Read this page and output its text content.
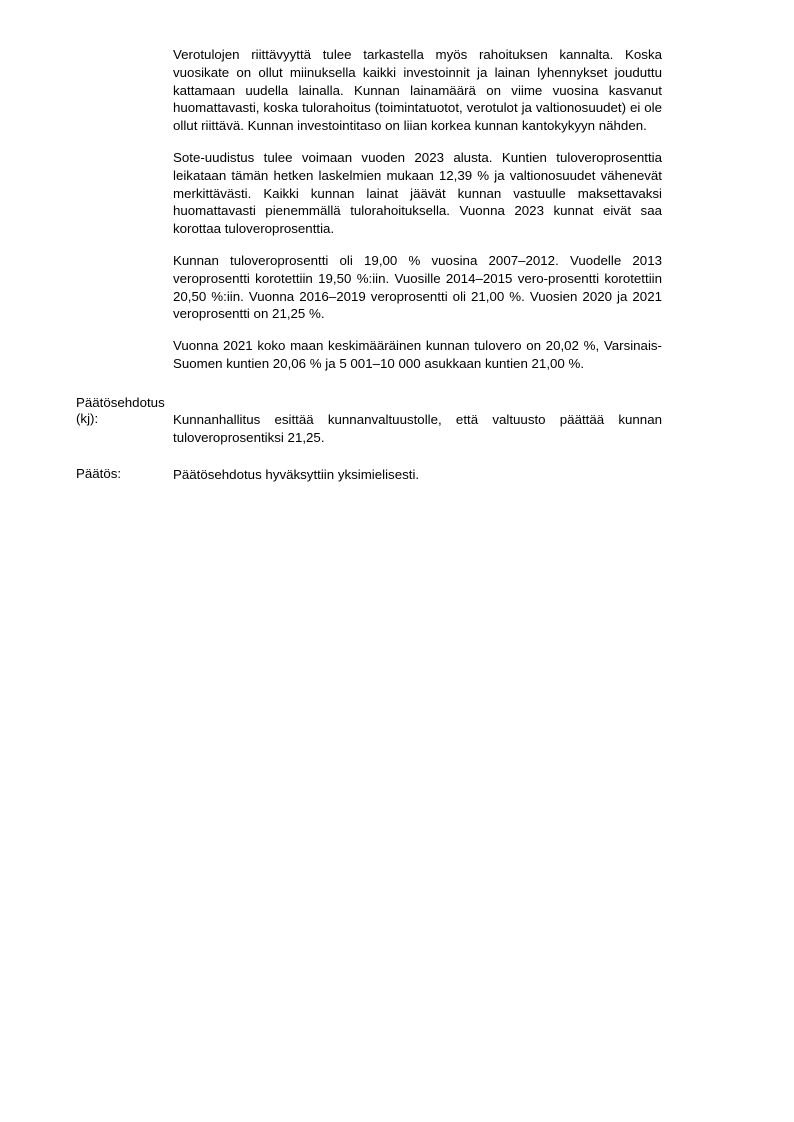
Verotulojen riittävyyttä tulee tarkastella myös rahoituksen kannalta. Koska vuosikate on ollut miinuksella kaikki investoinnit ja lainan lyhennykset jouduttu kattamaan uudella lainalla. Kunnan lainamäärä on viime vuosina kasvanut huomattavasti, koska tulorahoitus (toimintatuotot, verotulot ja valtionosuudet) ei ole ollut riittävä. Kunnan investointitaso on liian korkea kunnan kantokykyyn nähden.

Sote-uudistus tulee voimaan vuoden 2023 alusta. Kuntien tuloveroprosenttia leikataan tämän hetken laskelmien mukaan 12,39 % ja valtionosuudet vähenevät merkittävästi. Kaikki kunnan lainat jäävät kunnan vastuulle maksettavaksi huomattavasti pienemmällä tulorahoituksella. Vuonna 2023 kunnat eivät saa korottaa tuloveroprosenttia.

Kunnan tuloveroprosentti oli 19,00 % vuosina 2007–2012. Vuodelle 2013 veroprosentti korotettiin 19,50 %:iin. Vuosille 2014–2015 vero-prosentti korotettiin 20,50 %:iin. Vuonna 2016–2019 veroprosentti oli 21,00 %. Vuosien 2020 ja 2021 veroprosentti on 21,25 %.

Vuonna 2021 koko maan keskimääräinen kunnan tulovero on 20,02 %, Varsinais-Suomen kuntien 20,06 % ja 5 001–10 000 asukkaan kuntien 21,00 %.

Päätösehdotus
(kj):	Kunnanhallitus esittää kunnanvaltuustolle, että valtuusto päättää kunnan tuloveroprosentiksi 21,25.

Päätös:	Päätösehdotus hyväksyttiin yksimielisesti.
